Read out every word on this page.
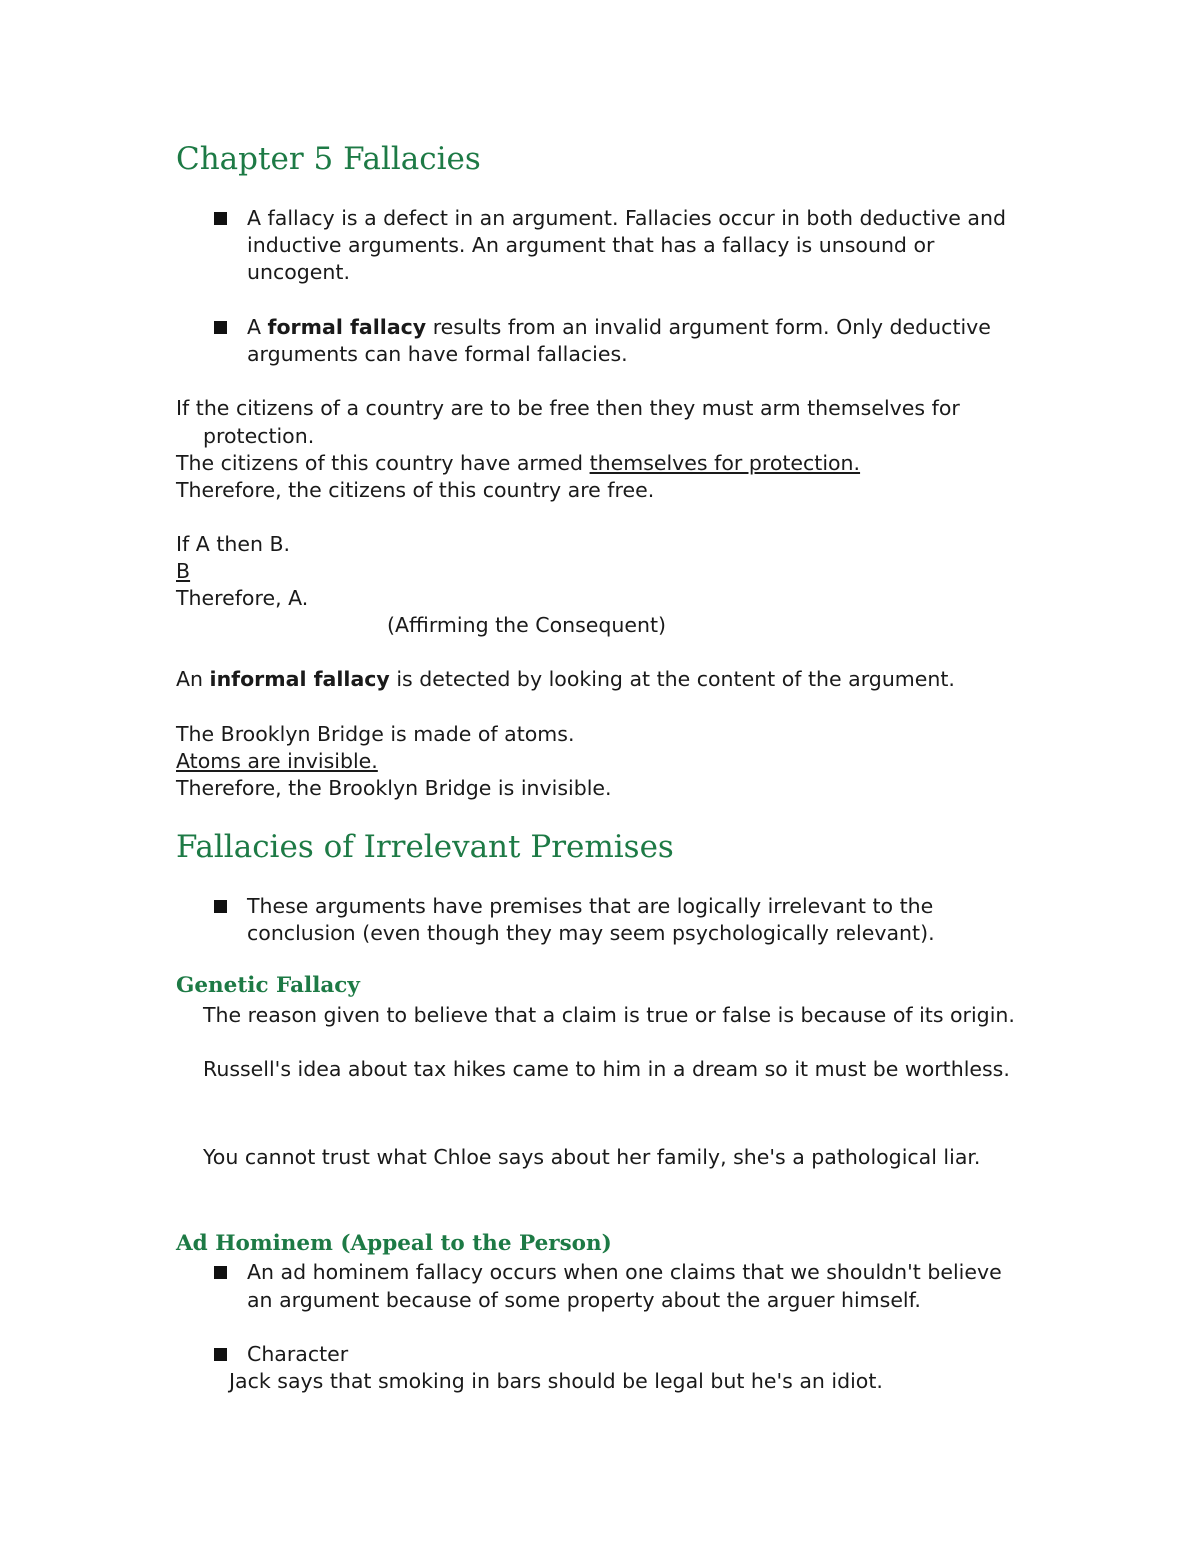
Chapter 5 Fallacies
A fallacy is a defect in an argument. Fallacies occur in both deductive and
inductive arguments. An argument that has a fallacy is unsound or
uncogent.
A formal fallacy results from an invalid argument form. Only deductive
arguments can have formal fallacies.
If the citizens of a country are to be free then they must arm themselves for
protection.
The citizens of this country have armed themselves for protection.
Therefore, the citizens of this country are free.
If A then B.
B
Therefore, A.
(Affirming the Consequent)
An informal fallacy is detected by looking at the content of the argument.
The Brooklyn Bridge is made of atoms.
Atoms are invisible.
Therefore, the Brooklyn Bridge is invisible.
Fallacies of Irrelevant Premises
These arguments have premises that are logically irrelevant to the
conclusion (even though they may seem psychologically relevant).
Genetic Fallacy
The reason given to believe that a claim is true or false is because of its origin.
Russell's idea about tax hikes came to him in a dream so it must be worthless.
You cannot trust what Chloe says about her family, she's a pathological liar.
Ad Hominem (Appeal to the Person)
An ad hominem fallacy occurs when one claims that we shouldn't believe
an argument because of some property about the arguer himself.
Character
Jack says that smoking in bars should be legal but he's an idiot.
